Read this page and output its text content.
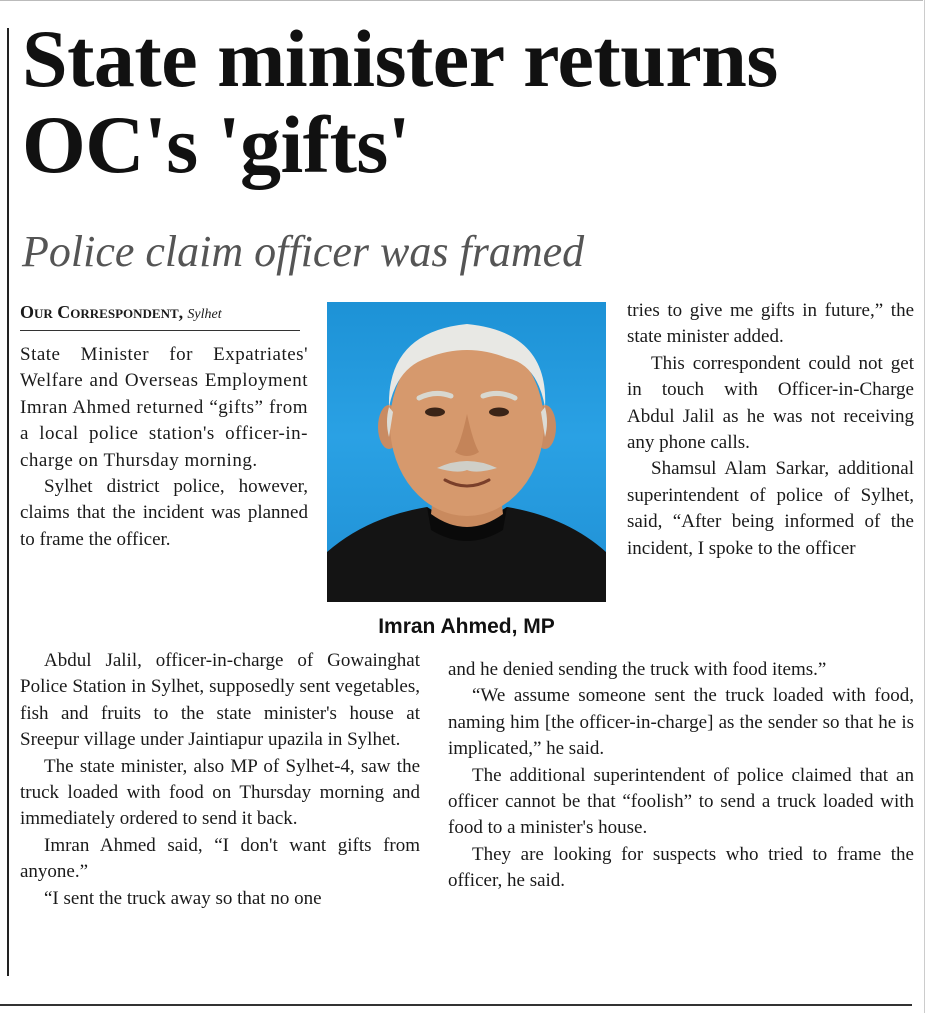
State minister returns OC's 'gifts'
Police claim officer was framed
Our Correspondent, Sylhet

Imran Ahmed, MP

State Minister for Expatriates' Welfare and Overseas Employment Imran Ahmed returned “gifts” from a local police station's officer-in-charge on Thursday morning.

Sylhet district police, however, claims that the incident was planned to frame the officer.

Abdul Jalil, officer-in-charge of Gowainghat Police Station in Sylhet, supposedly sent vegetables, fish and fruits to the state minister's house at Sreepur village under Jaintiapur upazila in Sylhet.

The state minister, also MP of Sylhet-4, saw the truck loaded with food on Thursday morning and immediately ordered to send it back.

Imran Ahmed said, “I don't want gifts from anyone.”

“I sent the truck away so that no one

tries to give me gifts in future,” the state minister added.

This correspondent could not get in touch with Officer-in-Charge Abdul Jalil as he was not receiving any phone calls.

Shamsul Alam Sarkar, additional superintendent of police of Sylhet, said, “After being informed of the incident, I spoke to the officer

and he denied sending the truck with food items.”

“We assume someone sent the truck loaded with food, naming him [the officer-in-charge] as the sender so that he is implicated,” he said.

The additional superintendent of police claimed that an officer cannot be that “foolish” to send a truck loaded with food to a minister's house.

They are looking for suspects who tried to frame the officer, he said.
